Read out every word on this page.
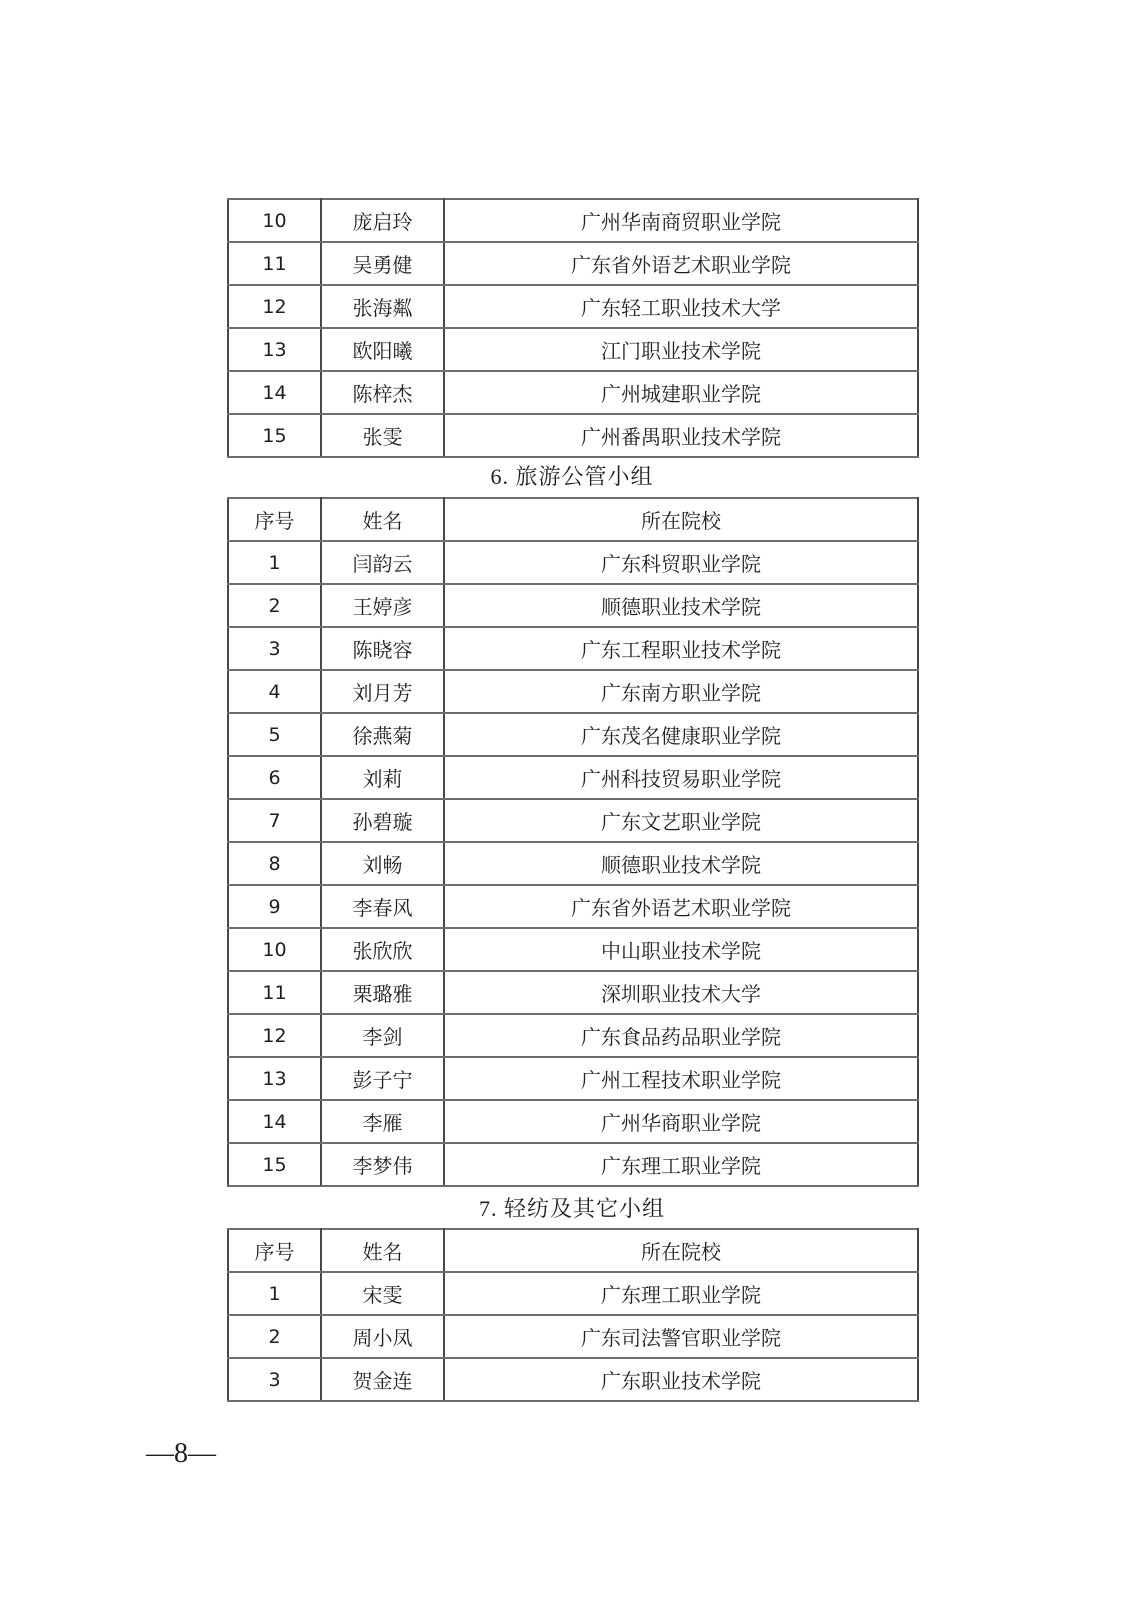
10	庞启玲	广州华南商贸职业学院
11	吴勇健	广东省外语艺术职业学院
12	张海粼	广东轻工职业技术大学
13	欧阳曦	江门职业技术学院
14	陈梓杰	广州城建职业学院
15	张雯	广州番禺职业技术学院
6. 旅游公管小组
序号	姓名	所在院校
1	闫韵云	广东科贸职业学院
2	王婷彦	顺德职业技术学院
3	陈晓容	广东工程职业技术学院
4	刘月芳	广东南方职业学院
5	徐燕菊	广东茂名健康职业学院
6	刘莉	广州科技贸易职业学院
7	孙碧璇	广东文艺职业学院
8	刘畅	顺德职业技术学院
9	李春风	广东省外语艺术职业学院
10	张欣欣	中山职业技术学院
11	栗璐雅	深圳职业技术大学
12	李剑	广东食品药品职业学院
13	彭子宁	广州工程技术职业学院
14	李雁	广州华商职业学院
15	李梦伟	广东理工职业学院
7. 轻纺及其它小组
序号	姓名	所在院校
1	宋雯	广东理工职业学院
2	周小凤	广东司法警官职业学院
3	贺金连	广东职业技术学院
—8—
